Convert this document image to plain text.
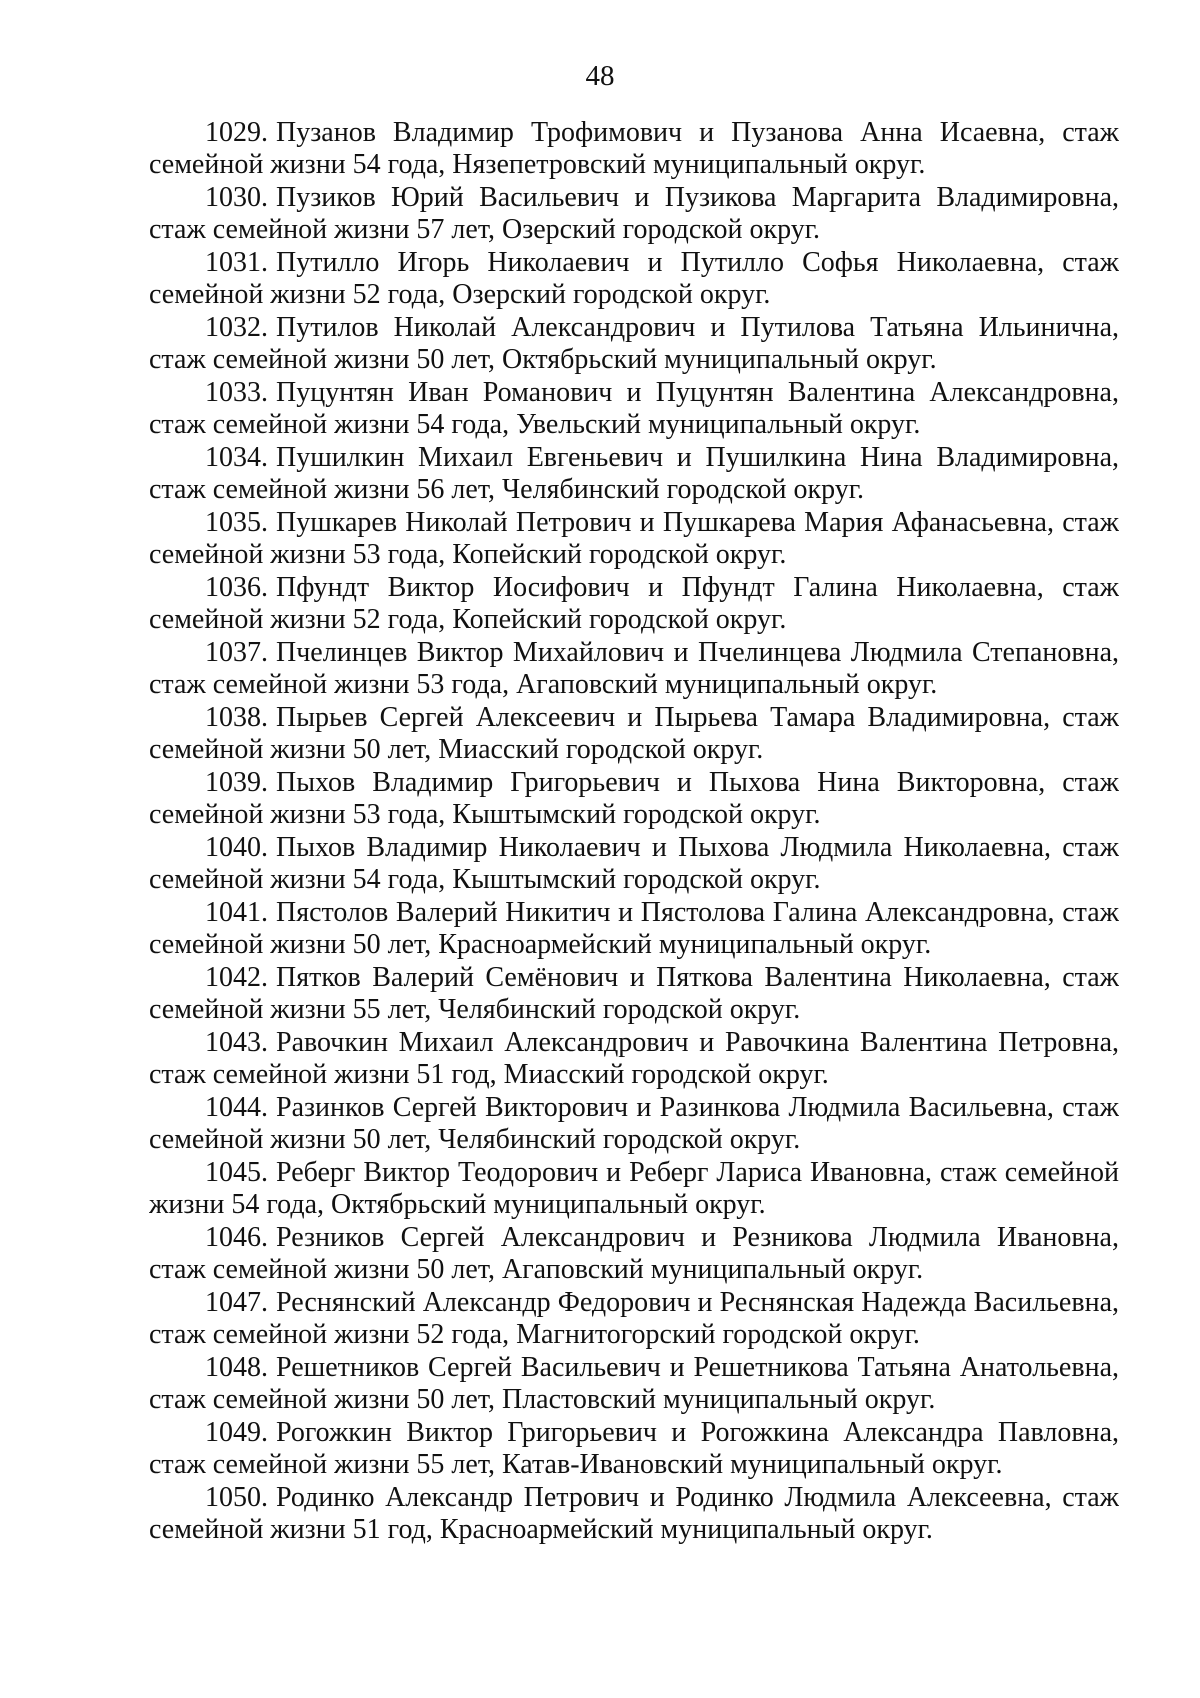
48

1029. Пузанов Владимир Трофимович и Пузанова Анна Исаевна, стаж семейной жизни 54 года, Нязепетровский муниципальный округ.

1030. Пузиков Юрий Васильевич и Пузикова Маргарита Владимировна, стаж семейной жизни 57 лет, Озерский городской округ.

1031. Путилло Игорь Николаевич и Путилло Софья Николаевна, стаж семейной жизни 52 года, Озерский городской округ.

1032. Путилов Николай Александрович и Путилова Татьяна Ильинична, стаж семейной жизни 50 лет, Октябрьский муниципальный округ.

1033. Пуцунтян Иван Романович и Пуцунтян Валентина Александровна, стаж семейной жизни 54 года, Увельский муниципальный округ.

1034. Пушилкин Михаил Евгеньевич и Пушилкина Нина Владимировна, стаж семейной жизни 56 лет, Челябинский городской округ.

1035. Пушкарев Николай Петрович и Пушкарева Мария Афанасьевна, стаж семейной жизни 53 года, Копейский городской округ.

1036. Пфундт Виктор Иосифович и Пфундт Галина Николаевна, стаж семейной жизни 52 года, Копейский городской округ.

1037. Пчелинцев Виктор Михайлович и Пчелинцева Людмила Степановна, стаж семейной жизни 53 года, Агаповский муниципальный округ.

1038. Пырьев Сергей Алексеевич и Пырьева Тамара Владимировна, стаж семейной жизни 50 лет, Миасский городской округ.

1039. Пыхов Владимир Григорьевич и Пыхова Нина Викторовна, стаж семейной жизни 53 года, Кыштымский городской округ.

1040. Пыхов Владимир Николаевич и Пыхова Людмила Николаевна, стаж семейной жизни 54 года, Кыштымский городской округ.

1041. Пястолов Валерий Никитич и Пястолова Галина Александровна, стаж семейной жизни 50 лет, Красноармейский муниципальный округ.

1042. Пятков Валерий Семёнович и Пяткова Валентина Николаевна, стаж семейной жизни 55 лет, Челябинский городской округ.

1043. Равочкин Михаил Александрович и Равочкина Валентина Петровна, стаж семейной жизни 51 год, Миасский городской округ.

1044. Разинков Сергей Викторович и Разинкова Людмила Васильевна, стаж семейной жизни 50 лет, Челябинский городской округ.

1045. Реберг Виктор Теодорович и Реберг Лариса Ивановна, стаж семейной жизни 54 года, Октябрьский муниципальный округ.

1046. Резников Сергей Александрович и Резникова Людмила Ивановна, стаж семейной жизни 50 лет, Агаповский муниципальный округ.

1047. Реснянский Александр Федорович и Реснянская Надежда Васильевна, стаж семейной жизни 52 года, Магнитогорский городской округ.

1048. Решетников Сергей Васильевич и Решетникова Татьяна Анатольевна, стаж семейной жизни 50 лет, Пластовский муниципальный округ.

1049. Рогожкин Виктор Григорьевич и Рогожкина Александра Павловна, стаж семейной жизни 55 лет, Катав-Ивановский муниципальный округ.

1050. Родинко Александр Петрович и Родинко Людмила Алексеевна, стаж семейной жизни 51 год, Красноармейский муниципальный округ.
